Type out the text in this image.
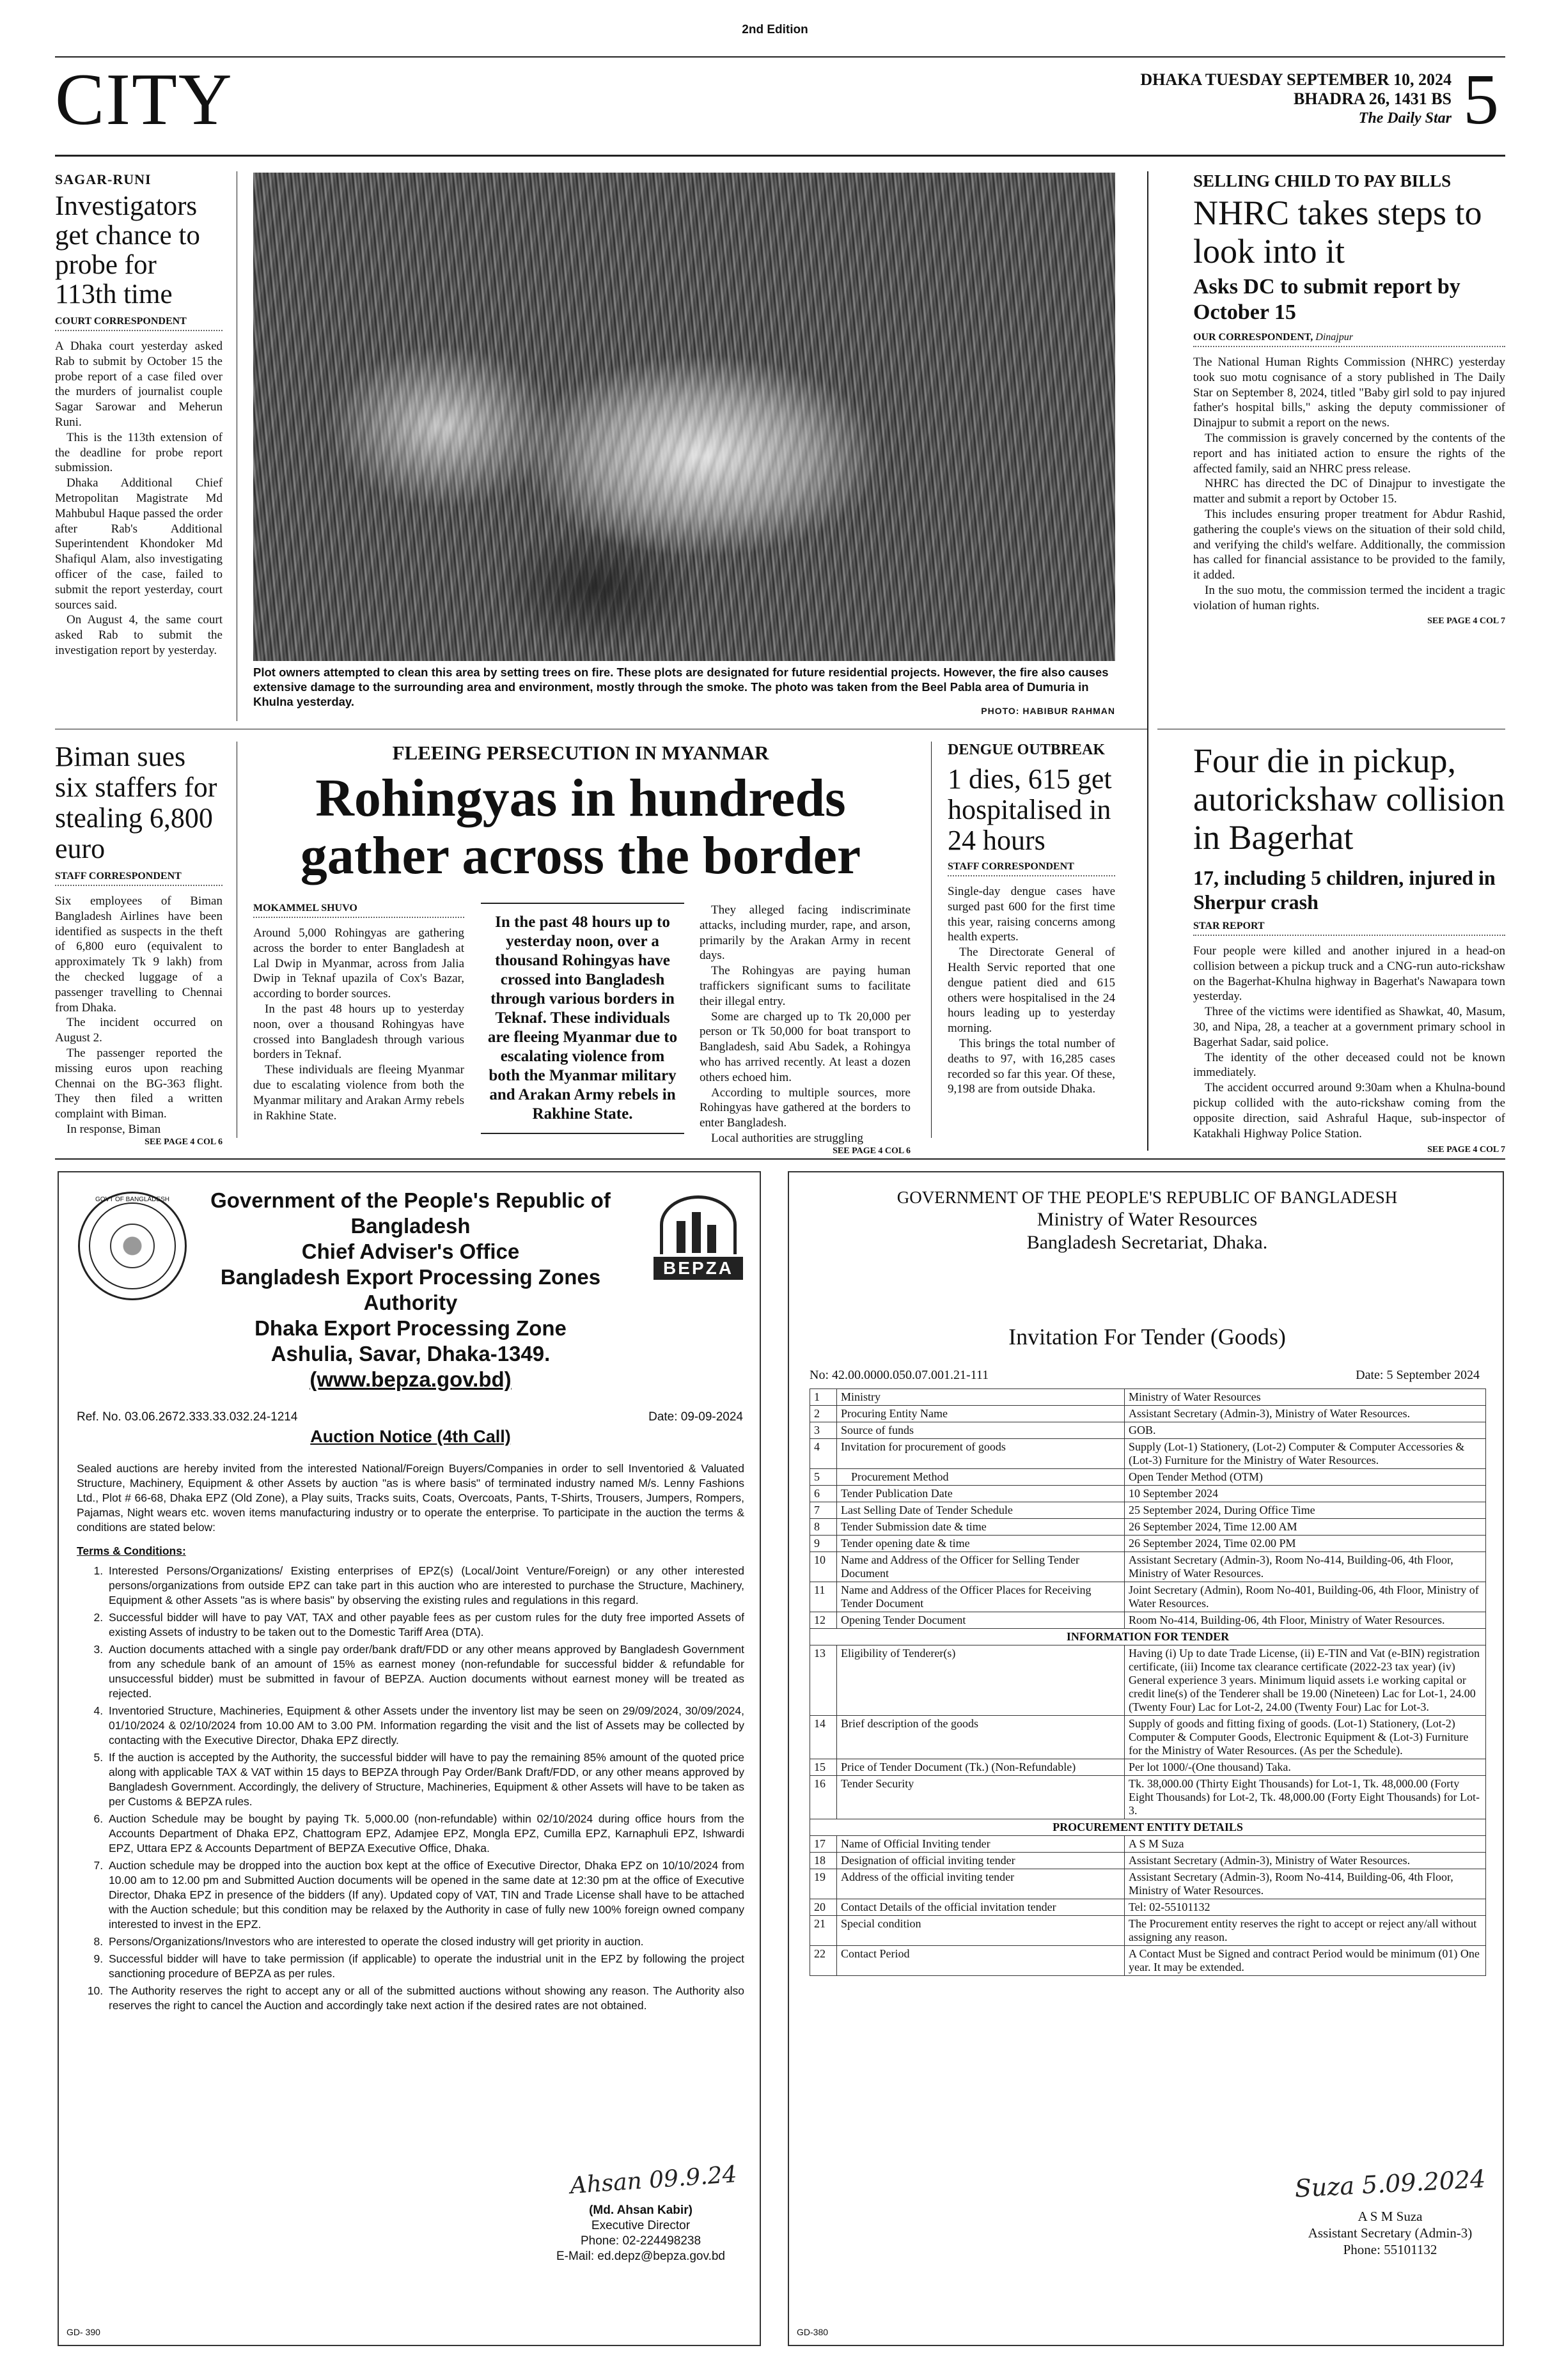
2nd Edition
CITY	DHAKA TUESDAY SEPTEMBER 10, 2024
BHADRA 26, 1431 BS
The Daily Star 5
SAGAR-RUNI
Investigators get chance to probe for 113th time
COURT CORRESPONDENT

A Dhaka court yesterday asked Rab to submit by October 15 the probe report of a case filed over the murders of journalist couple Sagar Sarowar and Meherun Runi.

This is the 113th extension of the deadline for probe report submission.

Dhaka Additional Chief Metropolitan Magistrate Md Mahbubul Haque passed the order after Rab's Additional Superintendent Khondoker Md Shafiqul Alam, also investigating officer of the case, failed to submit the report yesterday, court sources said.

On August 4, the same court asked Rab to submit the investigation report by yesterday.

Plot owners attempted to clean this area by setting trees on fire. These plots are designated for future residential projects. However, the fire also causes extensive damage to the surrounding area and environment, mostly through the smoke. The photo was taken from the Beel Pabla area of Dumuria in Khulna yesterday.
PHOTO: HABIBUR RAHMAN
SELLING CHILD TO PAY BILLS
NHRC takes steps to look into it
Asks DC to submit report by October 15
OUR CORRESPONDENT, Dinajpur

The National Human Rights Commission (NHRC) yesterday took suo motu cognisance of a story published in The Daily Star on September 8, 2024, titled "Baby girl sold to pay injured father's hospital bills," asking the deputy commissioner of Dinajpur to submit a report on the news.

The commission is gravely concerned by the contents of the report and has initiated action to ensure the rights of the affected family, said an NHRC press release.

NHRC has directed the DC of Dinajpur to investigate the matter and submit a report by October 15.

This includes ensuring proper treatment for Abdur Rashid, gathering the couple's views on the situation of their sold child, and verifying the child's welfare. Additionally, the commission has called for financial assistance to be provided to the family, it added.

In the suo motu, the commission termed the incident a tragic violation of human rights.

SEE PAGE 4 COL 7
Biman sues six staffers for stealing 6,800 euro
STAFF CORRESPONDENT

Six employees of Biman Bangladesh Airlines have been identified as suspects in the theft of 6,800 euro (equivalent to approximately Tk 9 lakh) from the checked luggage of a passenger travelling to Chennai from Dhaka.

The incident occurred on August 2.

The passenger reported the missing euros upon reaching Chennai on the BG-363 flight. They then filed a written complaint with Biman.

In response, Biman

SEE PAGE 4 COL 6
FLEEING PERSECUTION IN MYANMAR
Rohingyas in hundreds gather across the border
MOKAMMEL SHUVO

Around 5,000 Rohingyas are gathering across the border to enter Bangladesh at Lal Dwip in Myanmar, across from Jalia Dwip in Teknaf upazila of Cox's Bazar, according to border sources.

In the past 48 hours up to yesterday noon, over a thousand Rohingyas have crossed into Bangladesh through various borders in Teknaf.

These individuals are fleeing Myanmar due to escalating violence from both the Myanmar military and Arakan Army rebels in Rakhine State.

In the past 48 hours up to yesterday noon, over a thousand Rohingyas have crossed into Bangladesh through various borders in Teknaf. These individuals are fleeing Myanmar due to escalating violence from both the Myanmar military and Arakan Army rebels in Rakhine State.

They alleged facing indiscriminate attacks, including murder, rape, and arson, primarily by the Arakan Army in recent days.

The Rohingyas are paying human traffickers significant sums to facilitate their illegal entry.

Some are charged up to Tk 20,000 per person or Tk 50,000 for boat transport to Bangladesh, said Abu Sadek, a Rohingya who has arrived recently. At least a dozen others echoed him.

According to multiple sources, more Rohingyas have gathered at the borders to enter Bangladesh.

Local authorities are struggling

SEE PAGE 4 COL 6
DENGUE OUTBREAK
1 dies, 615 get hospitalised in 24 hours
STAFF CORRESPONDENT

Single-day dengue cases have surged past 600 for the first time this year, raising concerns among health experts.

The Directorate General of Health Servic reported that one dengue patient died and 615 others were hospitalised in the 24 hours leading up to yesterday morning.

This brings the total number of deaths to 97, with 16,285 cases recorded so far this year. Of these, 9,198 are from outside Dhaka.

Four die in pickup, autorickshaw collision in Bagerhat
17, including 5 children, injured in Sherpur crash
STAR REPORT

Four people were killed and another injured in a head-on collision between a pickup truck and a CNG-run auto-rickshaw on the Bagerhat-Khulna highway in Bagerhat's Nawapara town yesterday.

Three of the victims were identified as Shawkat, 40, Masum, 30, and Nipa, 28, a teacher at a government primary school in Bagerhat Sadar, said police.

The identity of the other deceased could not be known immediately.

The accident occurred around 9:30am when a Khulna-bound pickup collided with the auto-rickshaw coming from the opposite direction, said Ashraful Haque, sub-inspector of Katakhali Highway Police Station.

SEE PAGE 4 COL 7
GOVT OF BANGLADESH
BEPZA
Government of the People's Republic of Bangladesh
Chief Adviser's Office
Bangladesh Export Processing Zones Authority
Dhaka Export Processing Zone
Ashulia, Savar, Dhaka-1349.
(www.bepza.gov.bd)
Ref. No. 03.06.2672.333.33.032.24-1214	Date: 09-09-2024
Auction Notice (4th Call)

Sealed auctions are hereby invited from the interested National/Foreign Buyers/Companies in order to sell Inventoried & Valuated Structure, Machinery, Equipment & other Assets by auction "as is where basis" of terminated industry named M/s. Lenny Fashions Ltd., Plot # 66-68, Dhaka EPZ (Old Zone), a Play suits, Tracks suits, Coats, Overcoats, Pants, T-Shirts, Trousers, Jumpers, Rompers, Pajamas, Night wears etc. woven items manufacturing industry or to operate the enterprise. To participate in the auction the terms & conditions are stated below:

Terms & Conditions:
1. Interested Persons/Organizations/ Existing enterprises of EPZ(s) (Local/Joint Venture/Foreign) or any other interested persons/organizations from outside EPZ can take part in this auction who are interested to purchase the Structure, Machinery, Equipment & other Assets "as is where basis" by observing the existing rules and regulations in this regard.
2. Successful bidder will have to pay VAT, TAX and other payable fees as per custom rules for the duty free imported Assets of existing Assets of industry to be taken out to the Domestic Tariff Area (DTA).
3. Auction documents attached with a single pay order/bank draft/FDD or any other means approved by Bangladesh Government from any schedule bank of an amount of 15% as earnest money (non-refundable for successful bidder & refundable for unsuccessful bidder) must be submitted in favour of BEPZA. Auction documents without earnest money will be treated as rejected.
4. Inventoried Structure, Machineries, Equipment & other Assets under the inventory list may be seen on 29/09/2024, 30/09/2024, 01/10/2024 & 02/10/2024 from 10.00 AM to 3.00 PM. Information regarding the visit and the list of Assets may be collected by contacting with the Executive Director, Dhaka EPZ directly.
5. If the auction is accepted by the Authority, the successful bidder will have to pay the remaining 85% amount of the quoted price along with applicable TAX & VAT within 15 days to BEPZA through Pay Order/Bank Draft/FDD, or any other means approved by Bangladesh Government. Accordingly, the delivery of Structure, Machineries, Equipment & other Assets will have to be taken as per Customs & BEPZA rules.
6. Auction Schedule may be bought by paying Tk. 5,000.00 (non-refundable) within 02/10/2024 during office hours from the Accounts Department of Dhaka EPZ, Chattogram EPZ, Adamjee EPZ, Mongla EPZ, Cumilla EPZ, Karnaphuli EPZ, Ishwardi EPZ, Uttara EPZ & Accounts Department of BEPZA Executive Office, Dhaka.
7. Auction schedule may be dropped into the auction box kept at the office of Executive Director, Dhaka EPZ on 10/10/2024 from 10.00 am to 12.00 pm and Submitted Auction documents will be opened in the same date at 12:30 pm at the office of Executive Director, Dhaka EPZ in presence of the bidders (If any). Updated copy of VAT, TIN and Trade License shall have to be attached with the Auction schedule; but this condition may be relaxed by the Authority in case of fully new 100% foreign owned company interested to invest in the EPZ.
8. Persons/Organizations/Investors who are interested to operate the closed industry will get priority in auction.
9. Successful bidder will have to take permission (if applicable) to operate the industrial unit in the EPZ by following the project sanctioning procedure of BEPZA as per rules.
10. The Authority reserves the right to accept any or all of the submitted auctions without showing any reason. The Authority also reserves the right to cancel the Auction and accordingly take next action if the desired rates are not obtained.
Ahsan 09.9.24
(Md. Ahsan Kabir)
Executive Director
Phone: 02-224498238
E-Mail: ed.depz@bepza.gov.bd
GD- 390
GOVERNMENT OF THE PEOPLE'S REPUBLIC OF BANGLADESH
Ministry of Water Resources
Bangladesh Secretariat, Dhaka.
Invitation For Tender (Goods)
No: 42.00.0000.050.07.001.21-111	Date: 5 September 2024
1	Ministry	Ministry of Water Resources
2	Procuring Entity Name	Assistant Secretary (Admin-3), Ministry of Water Resources.
3	Source of funds	GOB.
4	Invitation for procurement of goods	Supply (Lot-1) Stationery, (Lot-2) Computer & Computer Accessories & (Lot-3) Furniture for the Ministry of Water Resources.
5	Procurement Method	Open Tender Method (OTM)
6	Tender Publication Date	10 September 2024
7	Last Selling Date of Tender Schedule	25 September 2024, During Office Time
8	Tender Submission date & time	26 September 2024, Time 12.00 AM
9	Tender opening date & time	26 September 2024, Time 02.00 PM
10	Name and Address of the Officer for Selling Tender Document	Assistant Secretary (Admin-3), Room No-414, Building-06, 4th Floor, Ministry of Water Resources.
11	Name and Address of the Officer Places for Receiving Tender Document	Joint Secretary (Admin), Room No-401, Building-06, 4th Floor, Ministry of Water Resources.
12	Opening Tender Document	Room No-414, Building-06, 4th Floor, Ministry of Water Resources.
INFORMATION FOR TENDER		
13	Eligibility of Tenderer(s)	Having (i) Up to date Trade License, (ii) E-TIN and Vat (e-BIN) registration certificate, (iii) Income tax clearance certificate (2022-23 tax year) (iv) General experience 3 years. Minimum liquid assets i.e working capital or credit line(s) of the Tenderer shall be 19.00 (Nineteen) Lac for Lot-1, 24.00 (Twenty Four) Lac for Lot-2, 24.00 (Twenty Four) Lac for Lot-3.
14	Brief description of the goods	Supply of goods and fitting fixing of goods. (Lot-1) Stationery, (Lot-2) Computer & Computer Goods, Electronic Equipment & (Lot-3) Furniture for the Ministry of Water Resources. (As per the Schedule).
15	Price of Tender Document (Tk.) (Non-Refundable)	Per lot 1000/-(One thousand) Taka.
16	Tender Security	Tk. 38,000.00 (Thirty Eight Thousands) for Lot-1, Tk. 48,000.00 (Forty Eight Thousands) for Lot-2, Tk. 48,000.00 (Forty Eight Thousands) for Lot-3.
PROCUREMENT ENTITY DETAILS		
17	Name of Official Inviting tender	A S M Suza
18	Designation of official inviting tender	Assistant Secretary (Admin-3), Ministry of Water Resources.
19	Address of the official inviting tender	Assistant Secretary (Admin-3), Room No-414, Building-06, 4th Floor, Ministry of Water Resources.
20	Contact Details of the official invitation tender	Tel: 02-55101132
21	Special condition	The Procurement entity reserves the right to accept or reject any/all without assigning any reason.
22	Contact Period	A Contact Must be Signed and contract Period would be minimum (01) One year. It may be extended.
Suza 5.09.2024
A S M Suza
Assistant Secretary (Admin-3)
Phone: 55101132
GD-380
